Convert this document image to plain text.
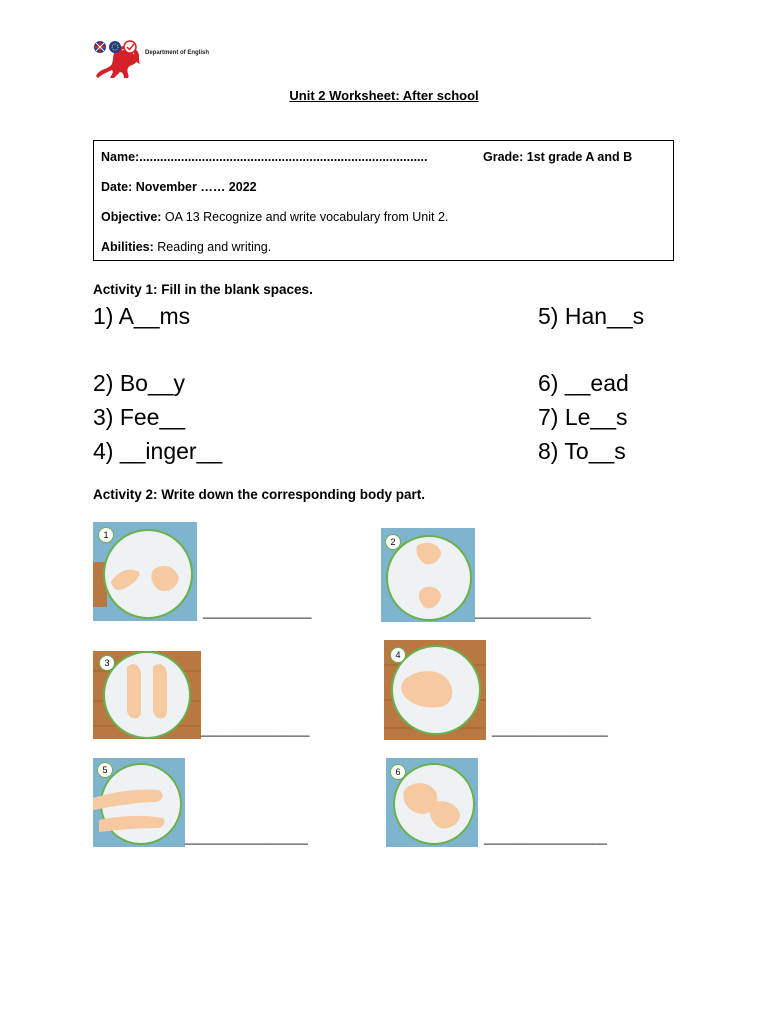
Department of English
Unit 2 Worksheet: After school
Name:...................................................................................	Grade: 1st grade A and B
Date: November …… 2022
Objective: OA 13 Recognize and write vocabulary from Unit 2.
Abilities: Reading and writing.
Activity 1: Fill in the blank spaces.
1) A__ms
2) Bo__y
3) Fee__
4) __inger__
5) Han__s
6) __ead
7) Le__s
8) To__s
Activity 2: Write down the corresponding body part.
1
_______________
2
________________
3
_______________
4
________________
5
_________________
6
_________________
